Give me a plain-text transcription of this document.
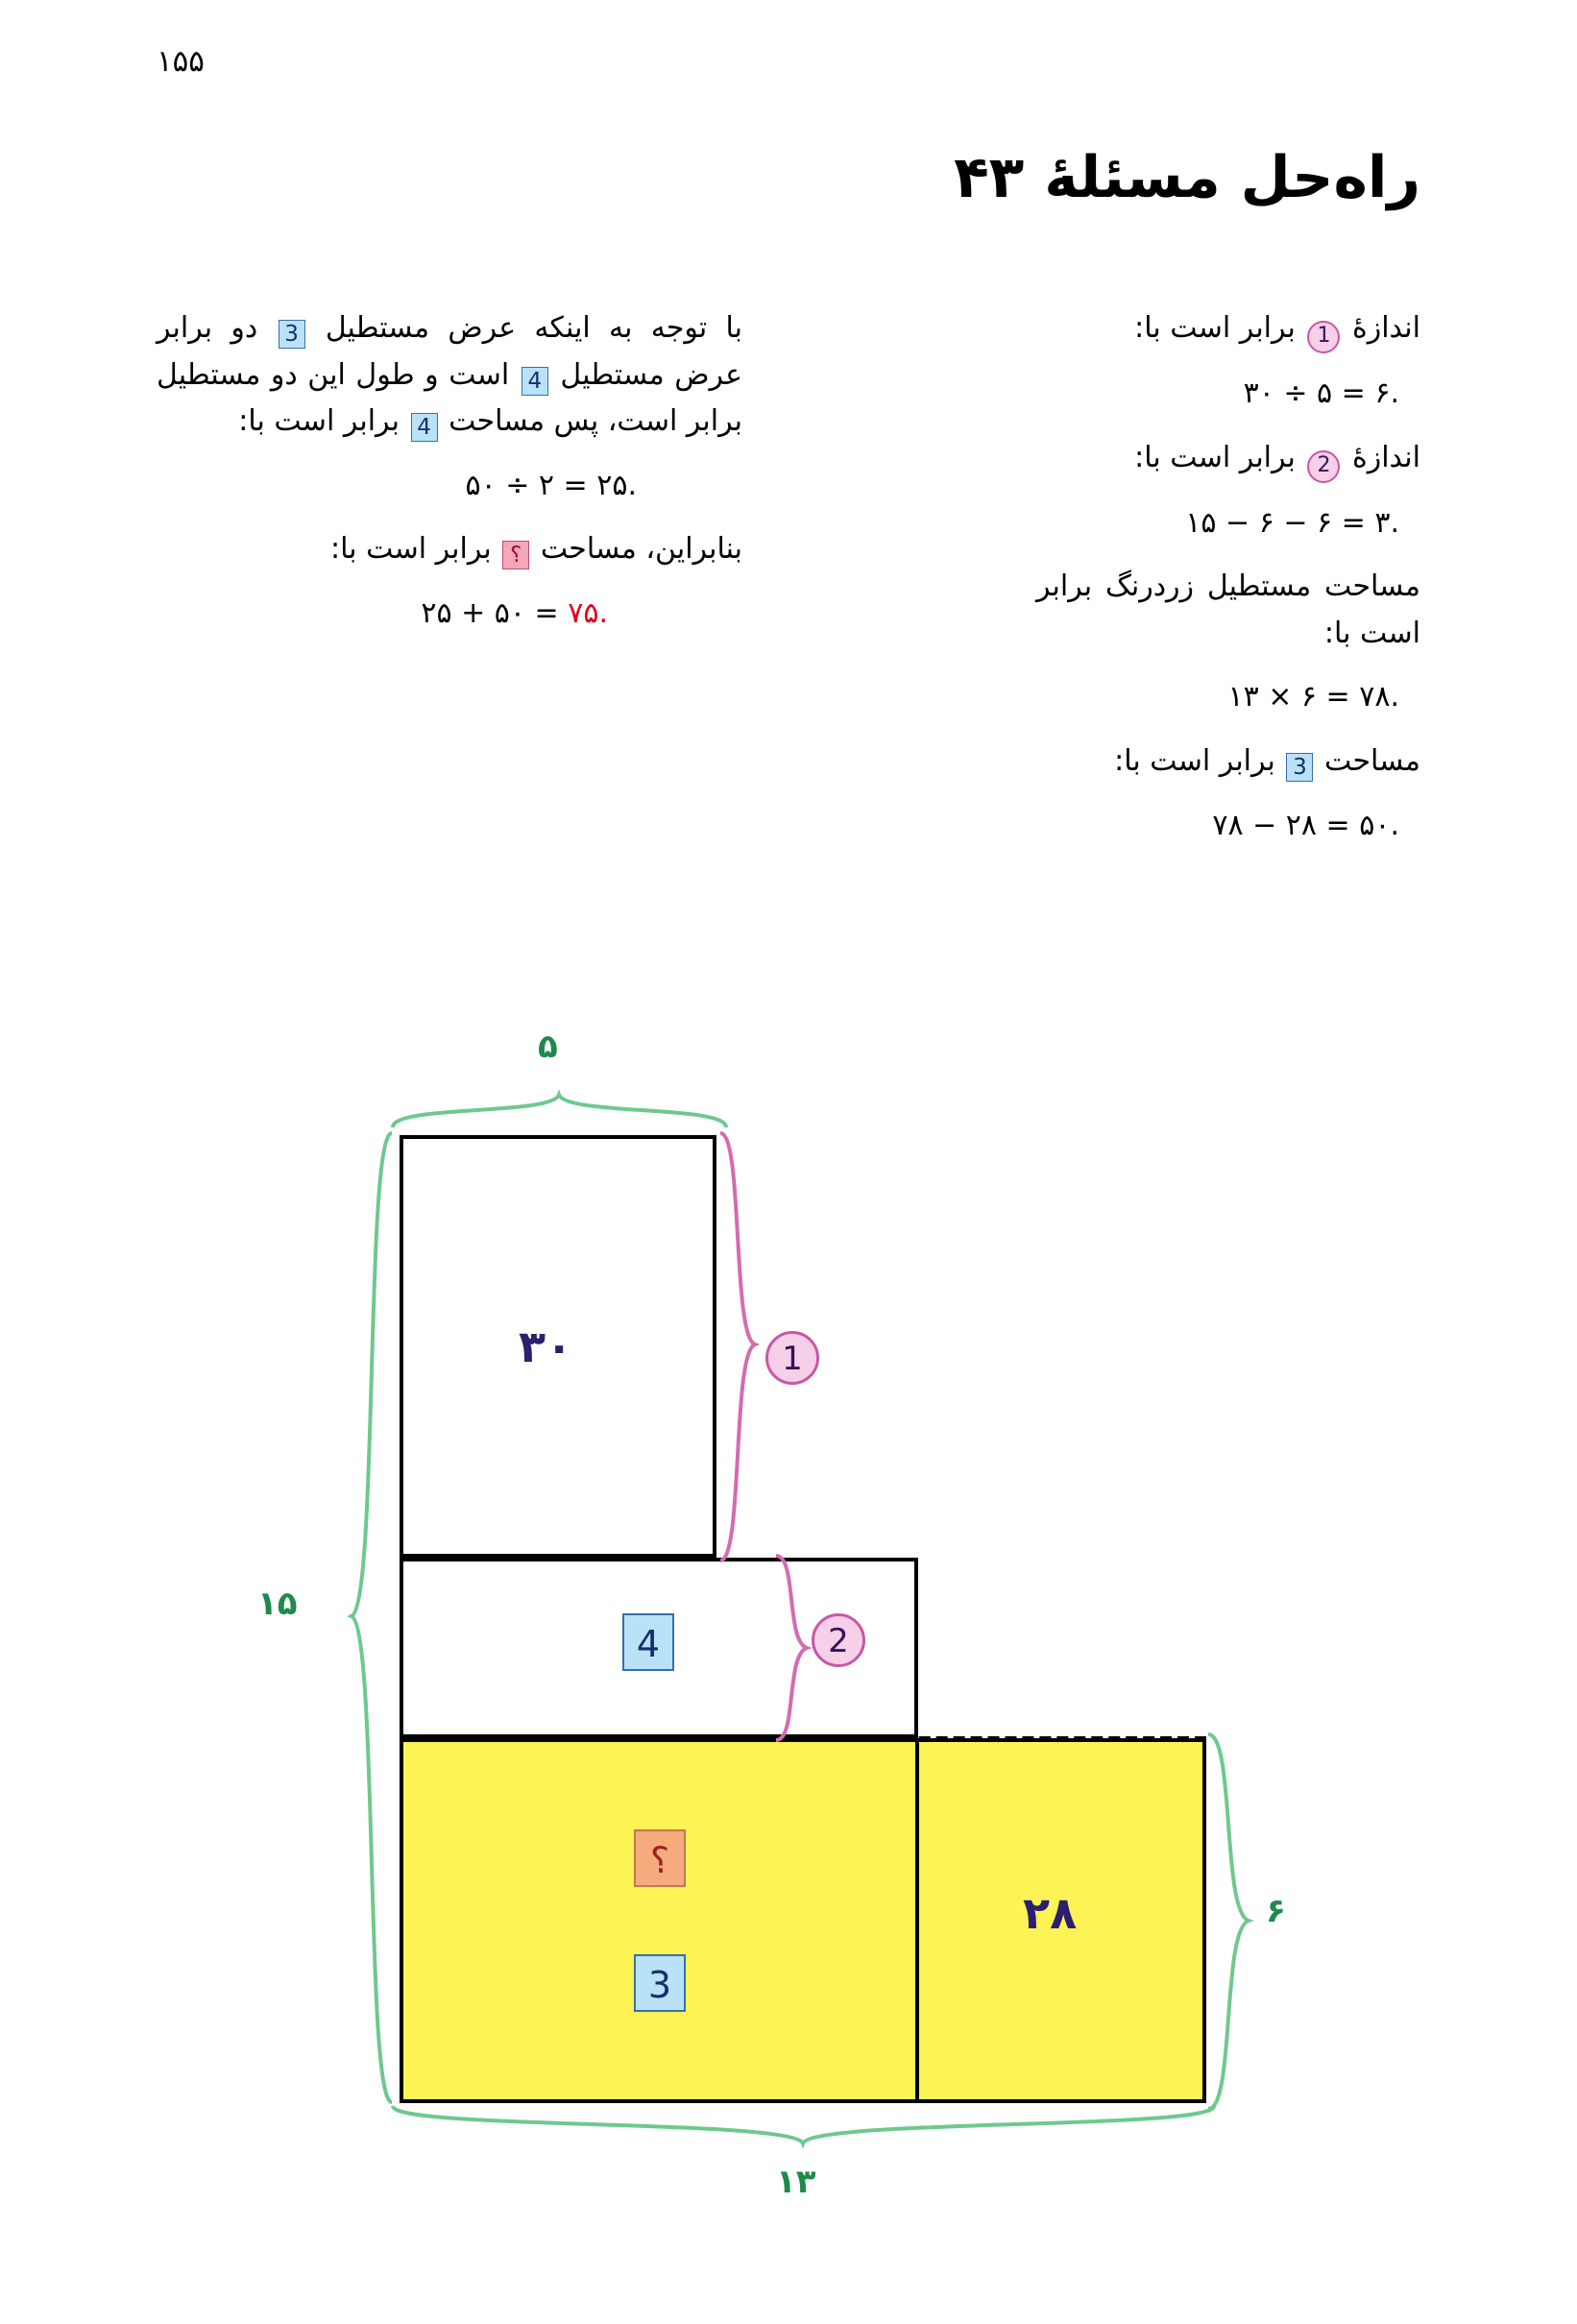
۱۵۵
راه‌حل مسئلهٔ ۴۳

اندازهٔ 1 برابر است با:

۳۰ ÷ ۵ = ۶.

اندازهٔ 2 برابر است با:

۱۵ − ۶ − ۶ = ۳.

مساحت مستطیل زردرنگ برابر است با:

۱۳ × ۶ = ۷۸.

مساحت 3 برابر است با:

۷۸ − ۲۸ = ۵۰.

با توجه به اینکه عرض مستطیل 3 دو برابر عرض مستطیل 4 است و طول این دو مستطیل برابر است، پس مساحت 4 برابر است با:

۵۰ ÷ ۲ = ۲۵.

بنابراین، مساحت ؟ برابر است با:

۲۵ + ۵۰ = ۷۵.

۳۰
۲۸
4
؟
3
1
2
۵
۱۵
۶
۱۳
